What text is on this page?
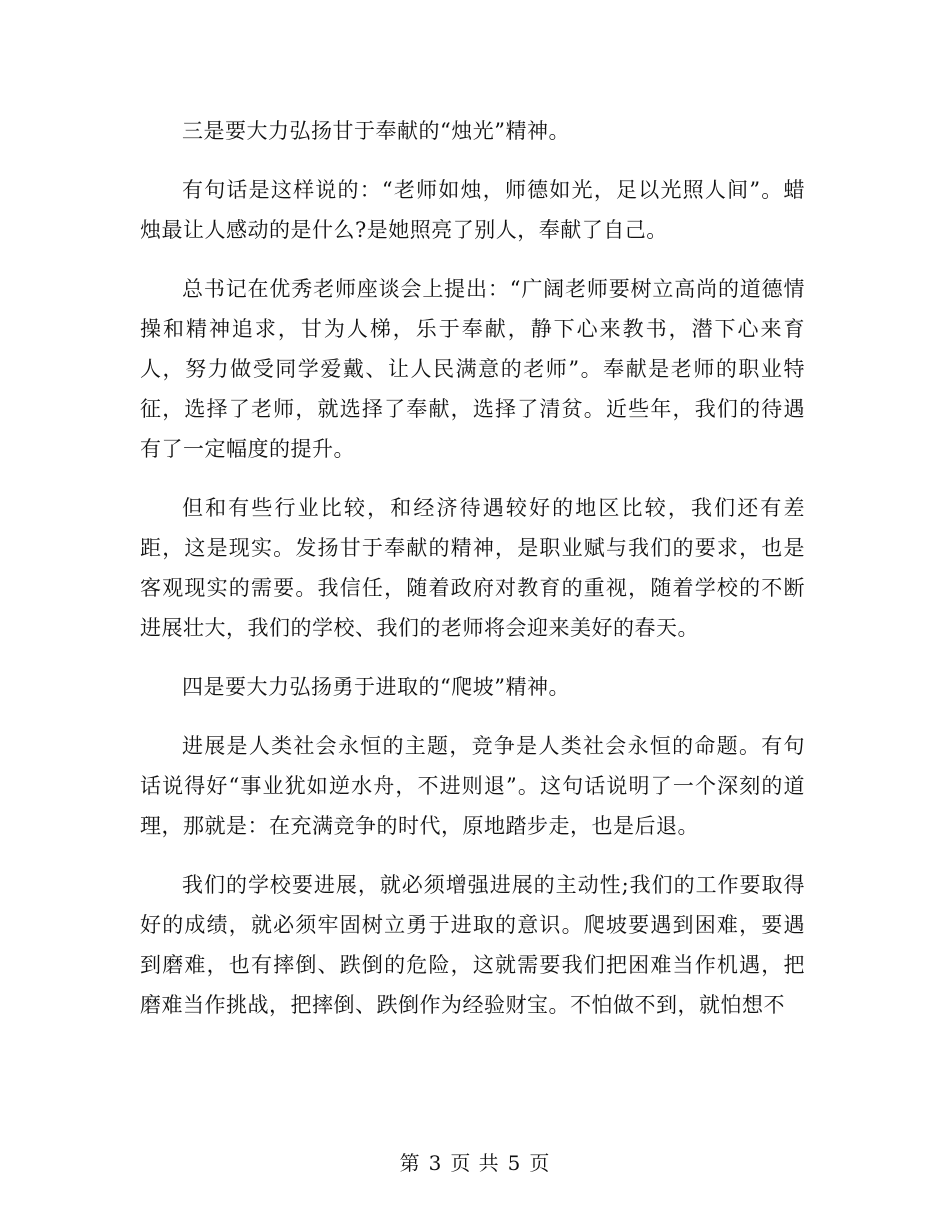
三是要大力弘扬甘于奉献的“烛光”精神。

有句话是这样说的：“老师如烛，师德如光，足以光照人间”。蜡烛最让人感动的是什么?是她照亮了别人，奉献了自己。

总书记在优秀老师座谈会上提出：“广阔老师要树立高尚的道德情操和精神追求，甘为人梯，乐于奉献，静下心来教书，潜下心来育人，努力做受同学爱戴、让人民满意的老师”。奉献是老师的职业特征，选择了老师，就选择了奉献，选择了清贫。近些年，我们的待遇有了一定幅度的提升。

但和有些行业比较，和经济待遇较好的地区比较，我们还有差距，这是现实。发扬甘于奉献的精神，是职业赋与我们的要求，也是客观现实的需要。我信任，随着政府对教育的重视，随着学校的不断进展壮大，我们的学校、我们的老师将会迎来美好的春天。

四是要大力弘扬勇于进取的“爬坡”精神。

进展是人类社会永恒的主题，竞争是人类社会永恒的命题。有句话说得好“事业犹如逆水舟，不进则退”。这句话说明了一个深刻的道理，那就是：在充满竞争的时代，原地踏步走，也是后退。

我们的学校要进展，就必须增强进展的主动性;我们的工作要取得好的成绩，就必须牢固树立勇于进取的意识。爬坡要遇到困难，要遇到磨难，也有摔倒、跌倒的危险，这就需要我们把困难当作机遇，把磨难当作挑战，把摔倒、跌倒作为经验财宝。不怕做不到，就怕想不

第 3 页 共 5 页
